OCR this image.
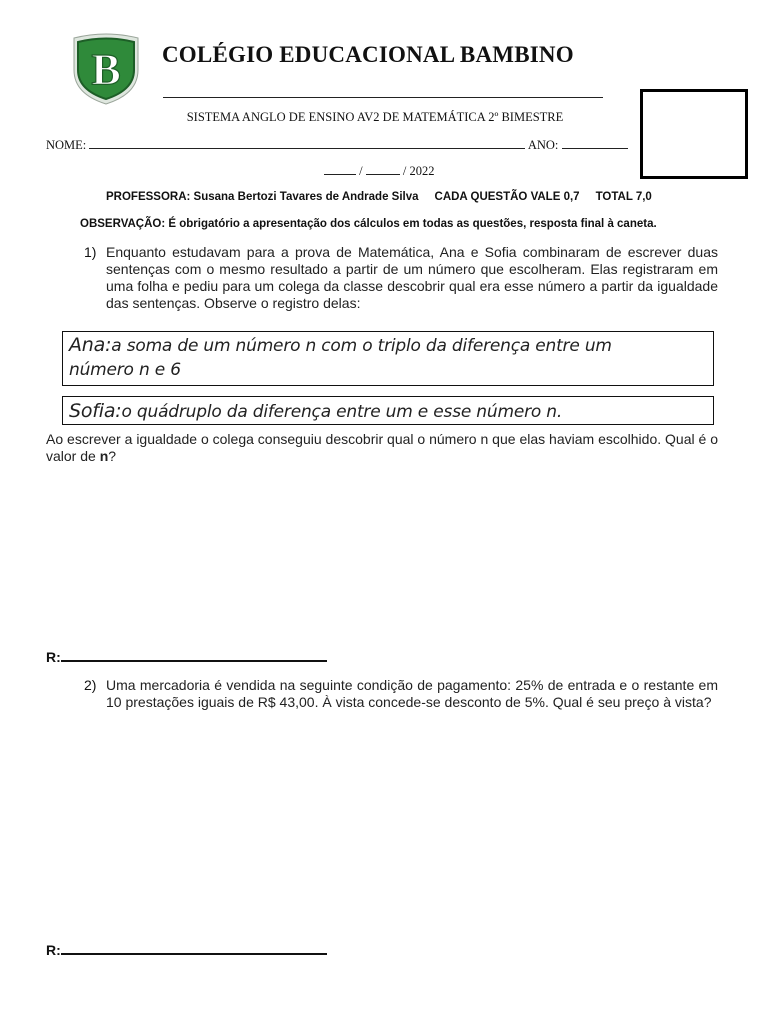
B COLÉGIO EDUCACIONAL BAMBINO
SISTEMA ANGLO DE ENSINO AV2 DE MATEMÁTICA 2º BIMESTRE
NOME:	ANO:
/	/ 2022
PROFESSORA: Susana Bertozi Tavares de Andrade Silva CADA QUESTÃO VALE 0,7 TOTAL 7,0
OBSERVAÇÃO: É obrigatório a apresentação dos cálculos em todas as questões, resposta final à caneta.
1) Enquanto estudavam para a prova de Matemática, Ana e Sofia combinaram de escrever duas sentenças com o mesmo resultado a partir de um número que escolheram. Elas registraram em uma folha e pediu para um colega da classe descobrir qual era esse número a partir da igualdade das sentenças. Observe o registro delas:
Ana:a soma de um número n com o triplo da diferença entre um
número n e 6
Sofia:o quádruplo da diferença entre um e esse número n.
Ao escrever a igualdade o colega conseguiu descobrir qual o número n que elas haviam escolhido. Qual é o valor de n?
R:
2) Uma mercadoria é vendida na seguinte condição de pagamento: 25% de entrada e o restante em 10 prestações iguais de R$ 43,00. À vista concede-se desconto de 5%. Qual é seu preço à vista?
R:
